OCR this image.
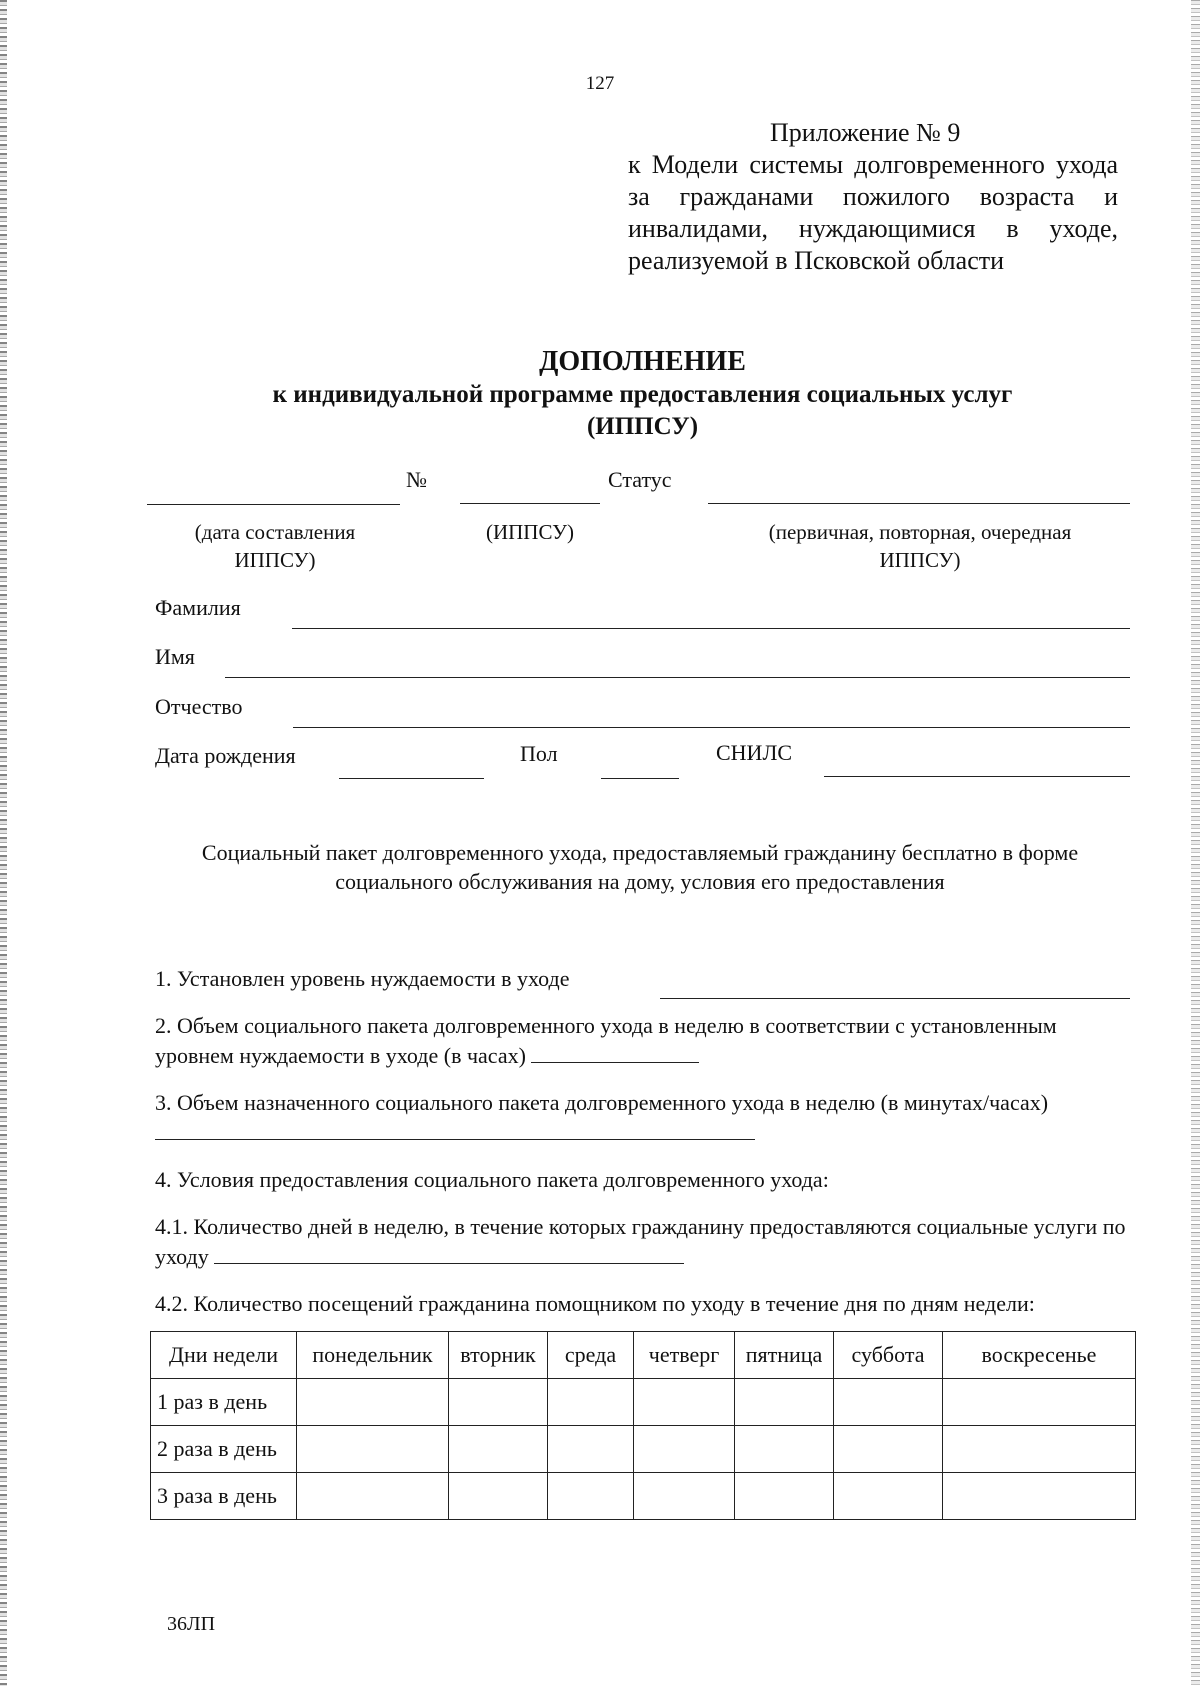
127
Приложение № 9
к Модели системы долговременного ухода за гражданами пожилого возраста и инвалидами, нуждающимися в уходе, реализуемой в Псковской области
ДОПОЛНЕНИЕ
к индивидуальной программе предоставления социальных услуг
(ИППСУ)
№	Статус
(дата составления ИППСУ)
(ИППСУ)	(первичная, повторная, очередная ИППСУ)
Фамилия
Имя
Отчество
Дата рождения	Пол	СНИЛС
Социальный пакет долговременного ухода, предоставляемый гражданину бесплатно в форме социального обслуживания на дому, условия его предоставления
1. Установлен уровень нуждаемости в уходе
2. Объем социального пакета долговременного ухода в неделю в соответствии с установленным уровнем нуждаемости в уходе (в часах)
3. Объем назначенного социального пакета долговременного ухода в неделю (в минутах/часах)
4. Условия предоставления социального пакета долговременного ухода:
4.1. Количество дней в неделю, в течение которых гражданину предоставляются социальные услуги по уходу
4.2. Количество посещений гражданина помощником по уходу в течение дня по дням недели:
Дни недели	понедельник	вторник	среда	четверг	пятница	суббота	воскресенье
1 раз в день							
2 раза в день							
3 раза в день							
36ЛП
